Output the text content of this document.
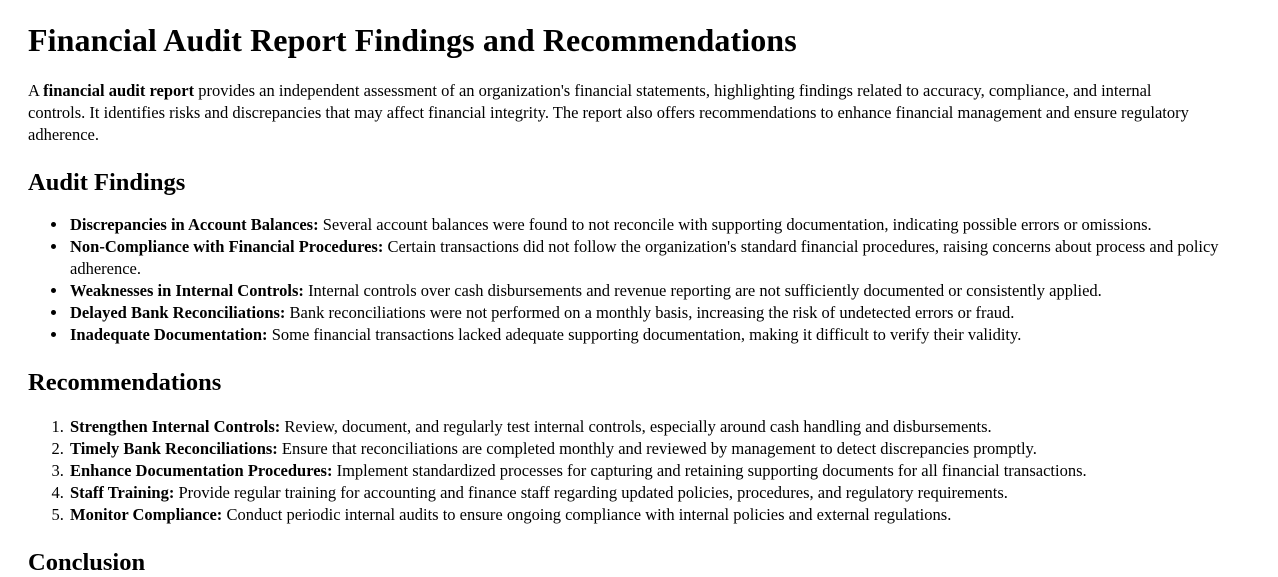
Financial Audit Report Findings and Recommendations

A financial audit report provides an independent assessment of an organization's financial statements, highlighting findings related to accuracy, compliance, and internal controls. It identifies risks and discrepancies that may affect financial integrity. The report also offers recommendations to enhance financial management and ensure regulatory adherence.

Audit Findings
• Discrepancies in Account Balances: Several account balances were found to not reconcile with supporting documentation, indicating possible errors or omissions.
• Non-Compliance with Financial Procedures: Certain transactions did not follow the organization's standard financial procedures, raising concerns about process and policy adherence.
• Weaknesses in Internal Controls: Internal controls over cash disbursements and revenue reporting are not sufficiently documented or consistently applied.
• Delayed Bank Reconciliations: Bank reconciliations were not performed on a monthly basis, increasing the risk of undetected errors or fraud.
• Inadequate Documentation: Some financial transactions lacked adequate supporting documentation, making it difficult to verify their validity.
Recommendations
1. Strengthen Internal Controls: Review, document, and regularly test internal controls, especially around cash handling and disbursements.
2. Timely Bank Reconciliations: Ensure that reconciliations are completed monthly and reviewed by management to detect discrepancies promptly.
3. Enhance Documentation Procedures: Implement standardized processes for capturing and retaining supporting documents for all financial transactions.
4. Staff Training: Provide regular training for accounting and finance staff regarding updated policies, procedures, and regulatory requirements.
5. Monitor Compliance: Conduct periodic internal audits to ensure ongoing compliance with internal policies and external regulations.
Conclusion
